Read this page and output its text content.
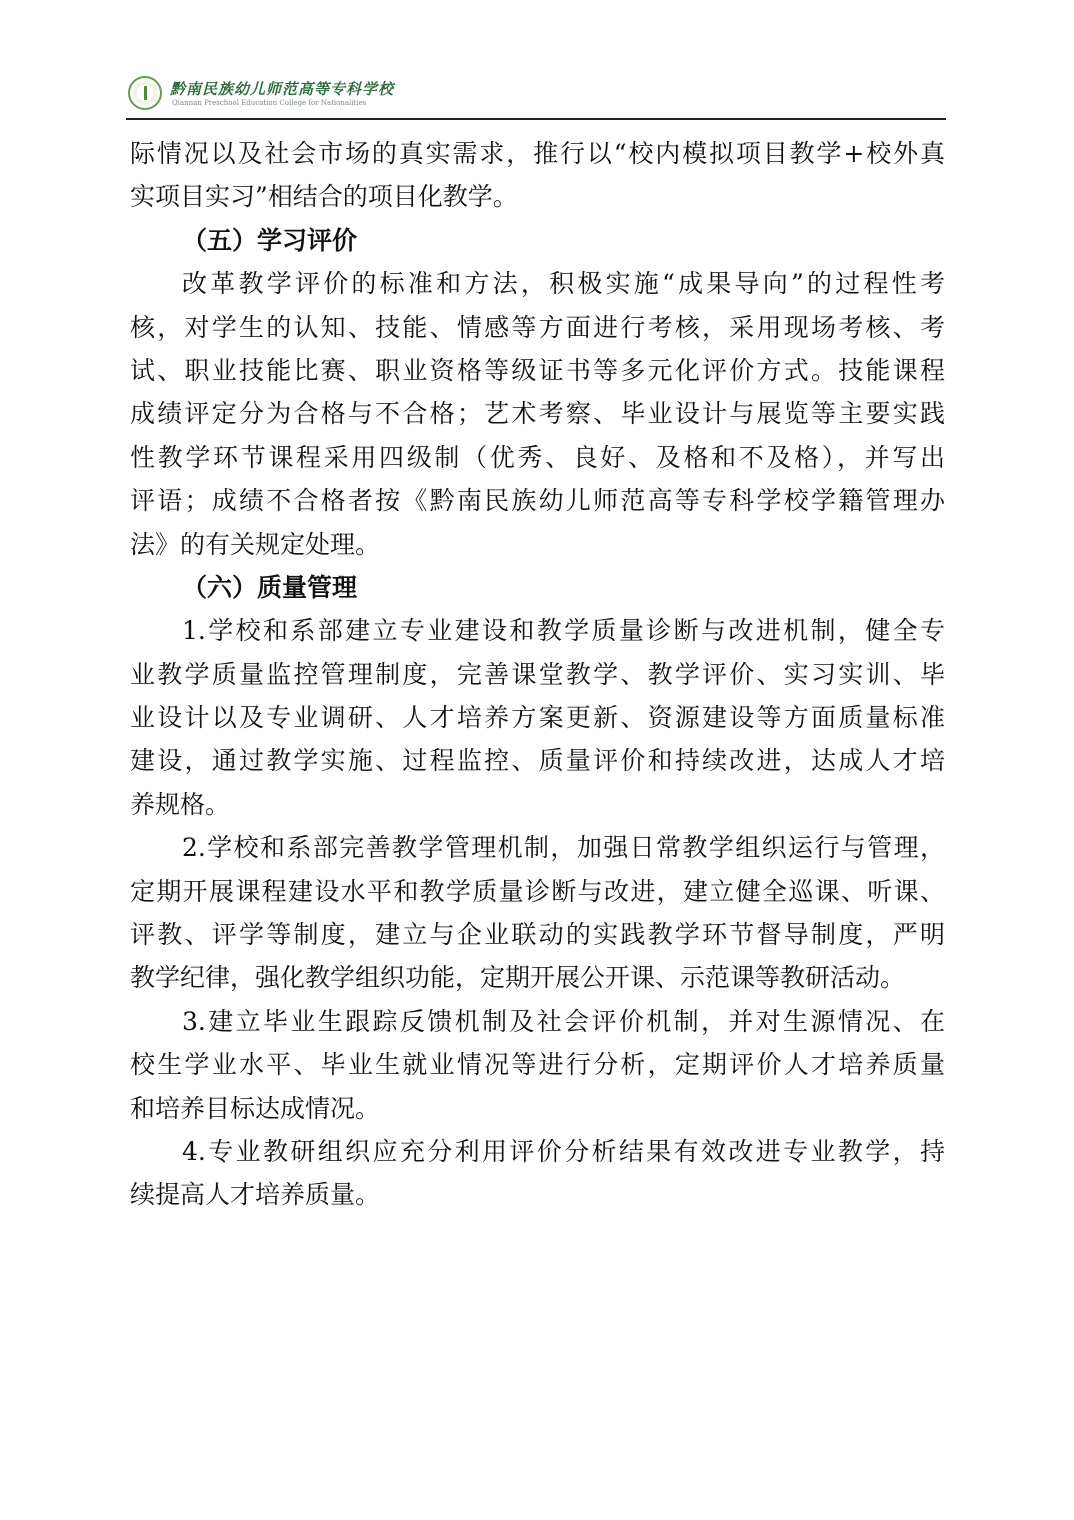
黔南民族幼儿师范高等专科学校
Qiannan Preschool Education College for Nationalities
际情况以及社会市场的真实需求，推行以“校内模拟项目教学+校外真
实项目实习”相结合的项目化教学。
（五）学习评价
改革教学评价的标准和方法，积极实施“成果导向”的过程性考
核，对学生的认知、技能、情感等方面进行考核，采用现场考核、考
试、职业技能比赛、职业资格等级证书等多元化评价方式。技能课程
成绩评定分为合格与不合格；艺术考察、毕业设计与展览等主要实践
性教学环节课程采用四级制（优秀、良好、及格和不及格），并写出
评语；成绩不合格者按《黔南民族幼儿师范高等专科学校学籍管理办
法》的有关规定处理。
（六）质量管理
1.学校和系部建立专业建设和教学质量诊断与改进机制，健全专
业教学质量监控管理制度，完善课堂教学、教学评价、实习实训、毕
业设计以及专业调研、人才培养方案更新、资源建设等方面质量标准
建设，通过教学实施、过程监控、质量评价和持续改进，达成人才培
养规格。
2.学校和系部完善教学管理机制，加强日常教学组织运行与管理，
定期开展课程建设水平和教学质量诊断与改进，建立健全巡课、听课、
评教、评学等制度，建立与企业联动的实践教学环节督导制度，严明
教学纪律，强化教学组织功能，定期开展公开课、示范课等教研活动。
3.建立毕业生跟踪反馈机制及社会评价机制，并对生源情况、在
校生学业水平、毕业生就业情况等进行分析，定期评价人才培养质量
和培养目标达成情况。
4.专业教研组织应充分利用评价分析结果有效改进专业教学，持
续提高人才培养质量。
